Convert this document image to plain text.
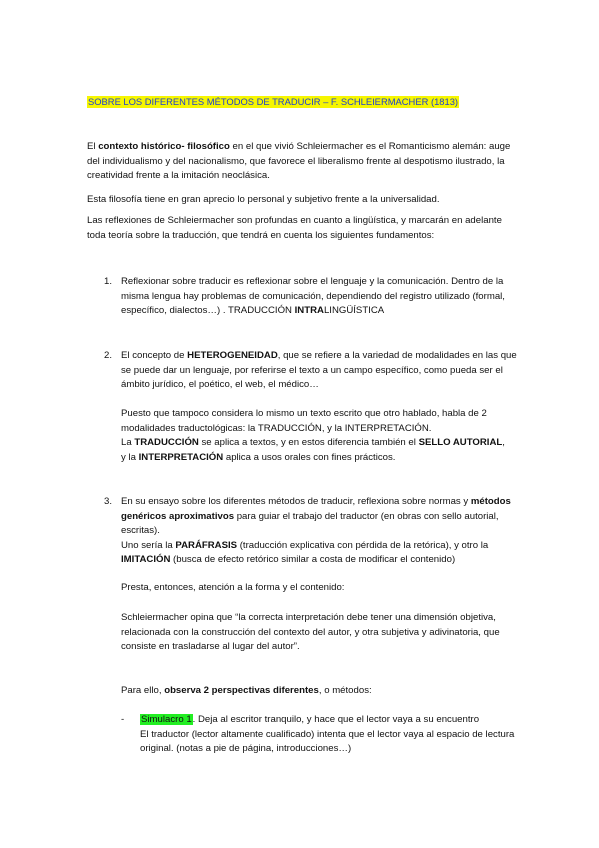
SOBRE LOS DIFERENTES MÉTODOS DE TRADUCIR – F. SCHLEIERMACHER (1813)
El contexto histórico- filosófico en el que vivió Schleiermacher es el Romanticismo alemán: auge del individualismo y del nacionalismo, que favorece el liberalismo frente al despotismo ilustrado, la creatividad frente a la imitación neoclásica.
Esta filosofía tiene en gran aprecio lo personal y subjetivo frente a la universalidad.
Las reflexiones de Schleiermacher son profundas en cuanto a lingüística, y marcarán en adelante toda teoría sobre la traducción, que tendrá en cuenta los siguientes fundamentos:
1. Reflexionar sobre traducir es reflexionar sobre el lenguaje y la comunicación. Dentro de la misma lengua hay problemas de comunicación, dependiendo del registro utilizado (formal, específico, dialectos…) . TRADUCCIÓN INTRALINGÜÍSTICA
2. El concepto de HETEROGENEIDAD, que se refiere a la variedad de modalidades en las que se puede dar un lenguaje, por referirse el texto a un campo específico, como pueda ser el ámbito jurídico, el poético, el web, el médico…
Puesto que tampoco considera lo mismo un texto escrito que otro hablado, habla de 2 modalidades traductológicas: la TRADUCCIÓN, y la INTERPRETACIÓN.
La TRADUCCIÓN se aplica a textos, y en estos diferencia también el SELLO AUTORIAL,
y la INTERPRETACIÓN aplica a usos orales con fines prácticos.
3. En su ensayo sobre los diferentes métodos de traducir, reflexiona sobre normas y métodos genéricos aproximativos para guiar el trabajo del traductor (en obras con sello autorial, escritas).
Uno sería la PARÁFRASIS (traducción explicativa con pérdida de la retórica), y otro la IMITACIÓN (busca de efecto retórico similar a costa de modificar el contenido)
Presta, entonces, atención a la forma y el contenido:
Schleiermacher opina que “la correcta interpretación debe tener una dimensión objetiva, relacionada con la construcción del contexto del autor, y otra subjetiva y adivinatoria, que consiste en trasladarse al lugar del autor”.
Para ello, observa 2 perspectivas diferentes, o métodos:
- Simulacro 1. Deja al escritor tranquilo, y hace que el lector vaya a su encuentro
El traductor (lector altamente cualificado) intenta que el lector vaya al espacio de lectura original. (notas a pie de página, introducciones…)
